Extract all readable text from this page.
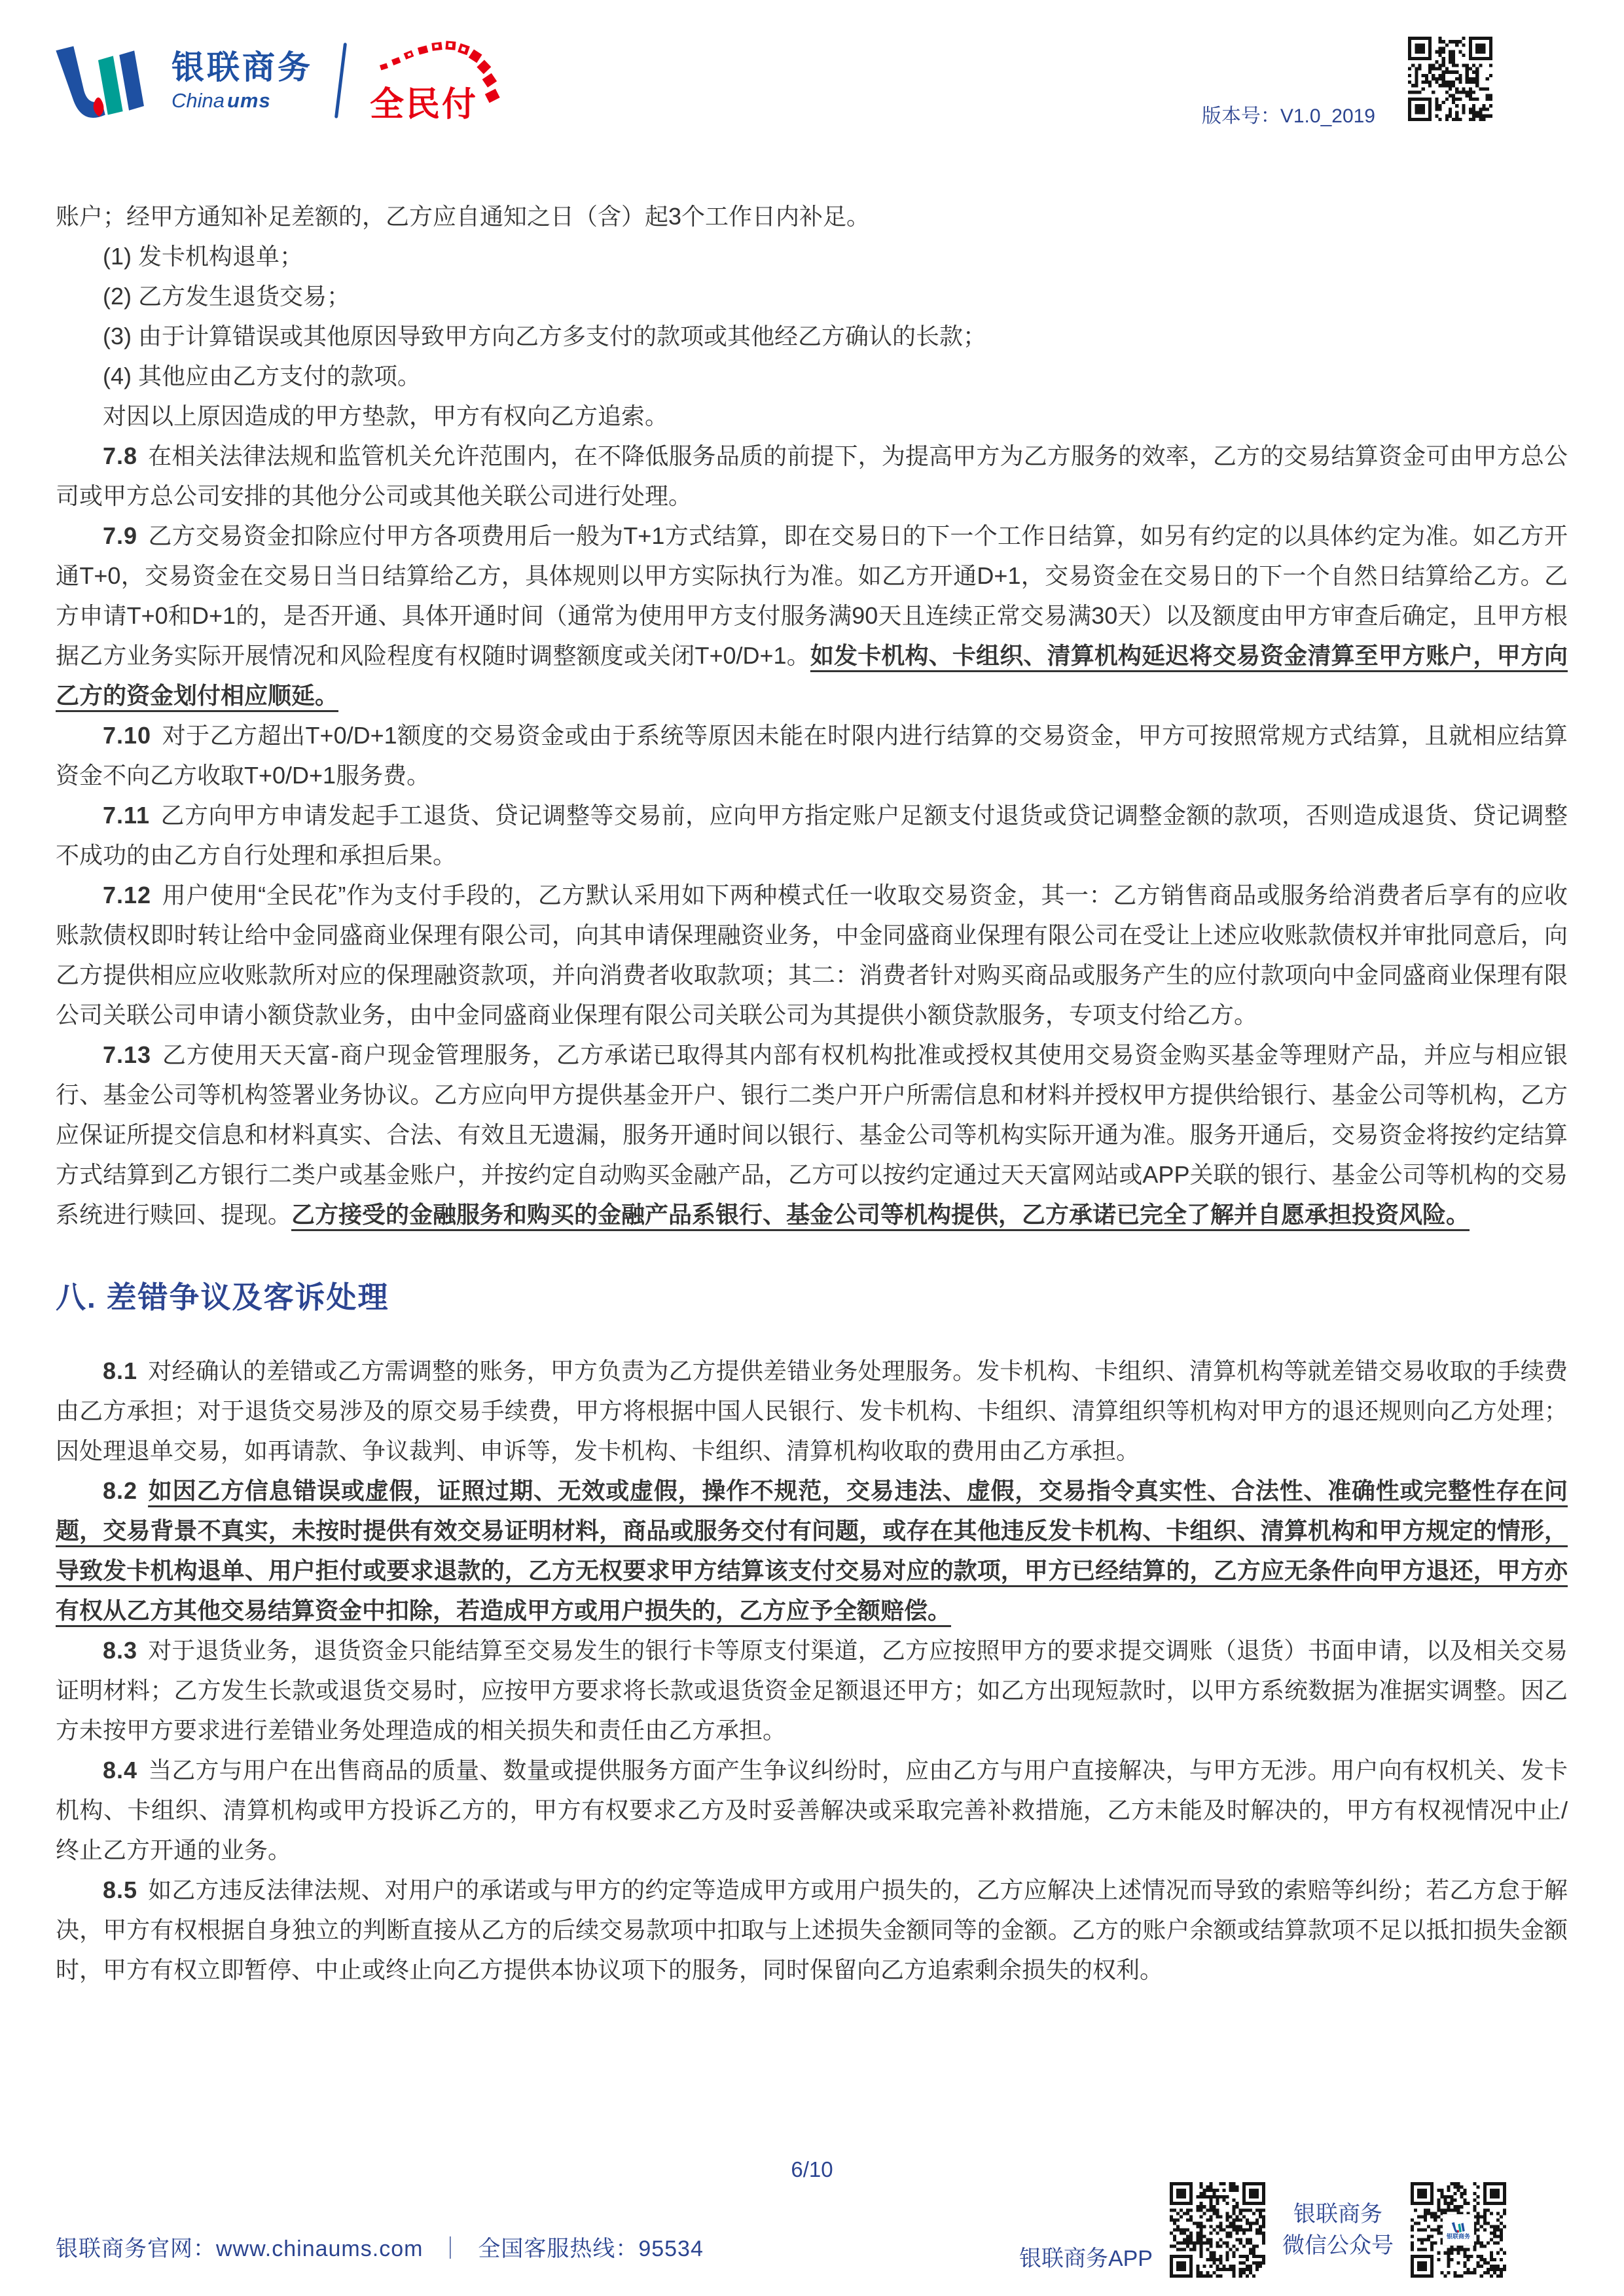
银联商务
China ums	全民付	版本号：V1.0_2019

账户；经甲方通知补足差额的，乙方应自通知之日（含）起3个工作日内补足。

(1) 发卡机构退单；

(2) 乙方发生退货交易；

(3) 由于计算错误或其他原因导致甲方向乙方多支付的款项或其他经乙方确认的长款；

(4) 其他应由乙方支付的款项。

对因以上原因造成的甲方垫款，甲方有权向乙方追索。

7.8 在相关法律法规和监管机关允许范围内，在不降低服务品质的前提下，为提高甲方为乙方服务的效率，乙方的交易结算资金可由甲方总公司或甲方总公司安排的其他分公司或其他关联公司进行处理。

7.9 乙方交易资金扣除应付甲方各项费用后一般为T+1方式结算，即在交易日的下一个工作日结算，如另有约定的以具体约定为准。如乙方开通T+0，交易资金在交易日当日结算给乙方，具体规则以甲方实际执行为准。如乙方开通D+1，交易资金在交易日的下一个自然日结算给乙方。乙方申请T+0和D+1的，是否开通、具体开通时间（通常为使用甲方支付服务满90天且连续正常交易满30天）以及额度由甲方审查后确定，且甲方根据乙方业务实际开展情况和风险程度有权随时调整额度或关闭T+0/D+1。如发卡机构、卡组织、清算机构延迟将交易资金清算至甲方账户，甲方向乙方的资金划付相应顺延。

7.10 对于乙方超出T+0/D+1额度的交易资金或由于系统等原因未能在时限内进行结算的交易资金，甲方可按照常规方式结算，且就相应结算资金不向乙方收取T+0/D+1服务费。

7.11 乙方向甲方申请发起手工退货、贷记调整等交易前，应向甲方指定账户足额支付退货或贷记调整金额的款项，否则造成退货、贷记调整不成功的由乙方自行处理和承担后果。

7.12 用户使用“全民花”作为支付手段的，乙方默认采用如下两种模式任一收取交易资金，其一：乙方销售商品或服务给消费者后享有的应收账款债权即时转让给中金同盛商业保理有限公司，向其申请保理融资业务，中金同盛商业保理有限公司在受让上述应收账款债权并审批同意后，向乙方提供相应应收账款所对应的保理融资款项，并向消费者收取款项；其二：消费者针对购买商品或服务产生的应付款项向中金同盛商业保理有限公司关联公司申请小额贷款业务，由中金同盛商业保理有限公司关联公司为其提供小额贷款服务，专项支付给乙方。

7.13 乙方使用天天富-商户现金管理服务，乙方承诺已取得其内部有权机构批准或授权其使用交易资金购买基金等理财产品，并应与相应银行、基金公司等机构签署业务协议。乙方应向甲方提供基金开户、银行二类户开户所需信息和材料并授权甲方提供给银行、基金公司等机构，乙方应保证所提交信息和材料真实、合法、有效且无遗漏，服务开通时间以银行、基金公司等机构实际开通为准。服务开通后，交易资金将按约定结算方式结算到乙方银行二类户或基金账户，并按约定自动购买金融产品，乙方可以按约定通过天天富网站或APP关联的银行、基金公司等机构的交易系统进行赎回、提现。乙方接受的金融服务和购买的金融产品系银行、基金公司等机构提供，乙方承诺已完全了解并自愿承担投资风险。

八. 差错争议及客诉处理

8.1 对经确认的差错或乙方需调整的账务，甲方负责为乙方提供差错业务处理服务。发卡机构、卡组织、清算机构等就差错交易收取的手续费由乙方承担；对于退货交易涉及的原交易手续费，甲方将根据中国人民银行、发卡机构、卡组织、清算组织等机构对甲方的退还规则向乙方处理；因处理退单交易，如再请款、争议裁判、申诉等，发卡机构、卡组织、清算机构收取的费用由乙方承担。

8.2 如因乙方信息错误或虚假，证照过期、无效或虚假，操作不规范，交易违法、虚假，交易指令真实性、合法性、准确性或完整性存在问题，交易背景不真实，未按时提供有效交易证明材料，商品或服务交付有问题，或存在其他违反发卡机构、卡组织、清算机构和甲方规定的情形，导致发卡机构退单、用户拒付或要求退款的，乙方无权要求甲方结算该支付交易对应的款项，甲方已经结算的，乙方应无条件向甲方退还，甲方亦有权从乙方其他交易结算资金中扣除，若造成甲方或用户损失的，乙方应予全额赔偿。

8.3 对于退货业务，退货资金只能结算至交易发生的银行卡等原支付渠道，乙方应按照甲方的要求提交调账（退货）书面申请，以及相关交易证明材料；乙方发生长款或退货交易时，应按甲方要求将长款或退货资金足额退还甲方；如乙方出现短款时，以甲方系统数据为准据实调整。因乙方未按甲方要求进行差错业务处理造成的相关损失和责任由乙方承担。

8.4 当乙方与用户在出售商品的质量、数量或提供服务方面产生争议纠纷时，应由乙方与用户直接解决，与甲方无涉。用户向有权机关、发卡机构、卡组织、清算机构或甲方投诉乙方的，甲方有权要求乙方及时妥善解决或采取完善补救措施，乙方未能及时解决的，甲方有权视情况中止/终止乙方开通的业务。

8.5 如乙方违反法律法规、对用户的承诺或与甲方的约定等造成甲方或用户损失的，乙方应解决上述情况而导致的索赔等纠纷；若乙方怠于解决，甲方有权根据自身独立的判断直接从乙方的后续交易款项中扣取与上述损失金额同等的金额。乙方的账户余额或结算款项不足以抵扣损失金额时，甲方有权立即暂停、中止或终止向乙方提供本协议项下的服务，同时保留向乙方追索剩余损失的权利。

6/10
银联商务官网：www.chinaums.com ｜ 全国客服热线：95534	银联商务APP
银联商务
微信公众号	银联商务
